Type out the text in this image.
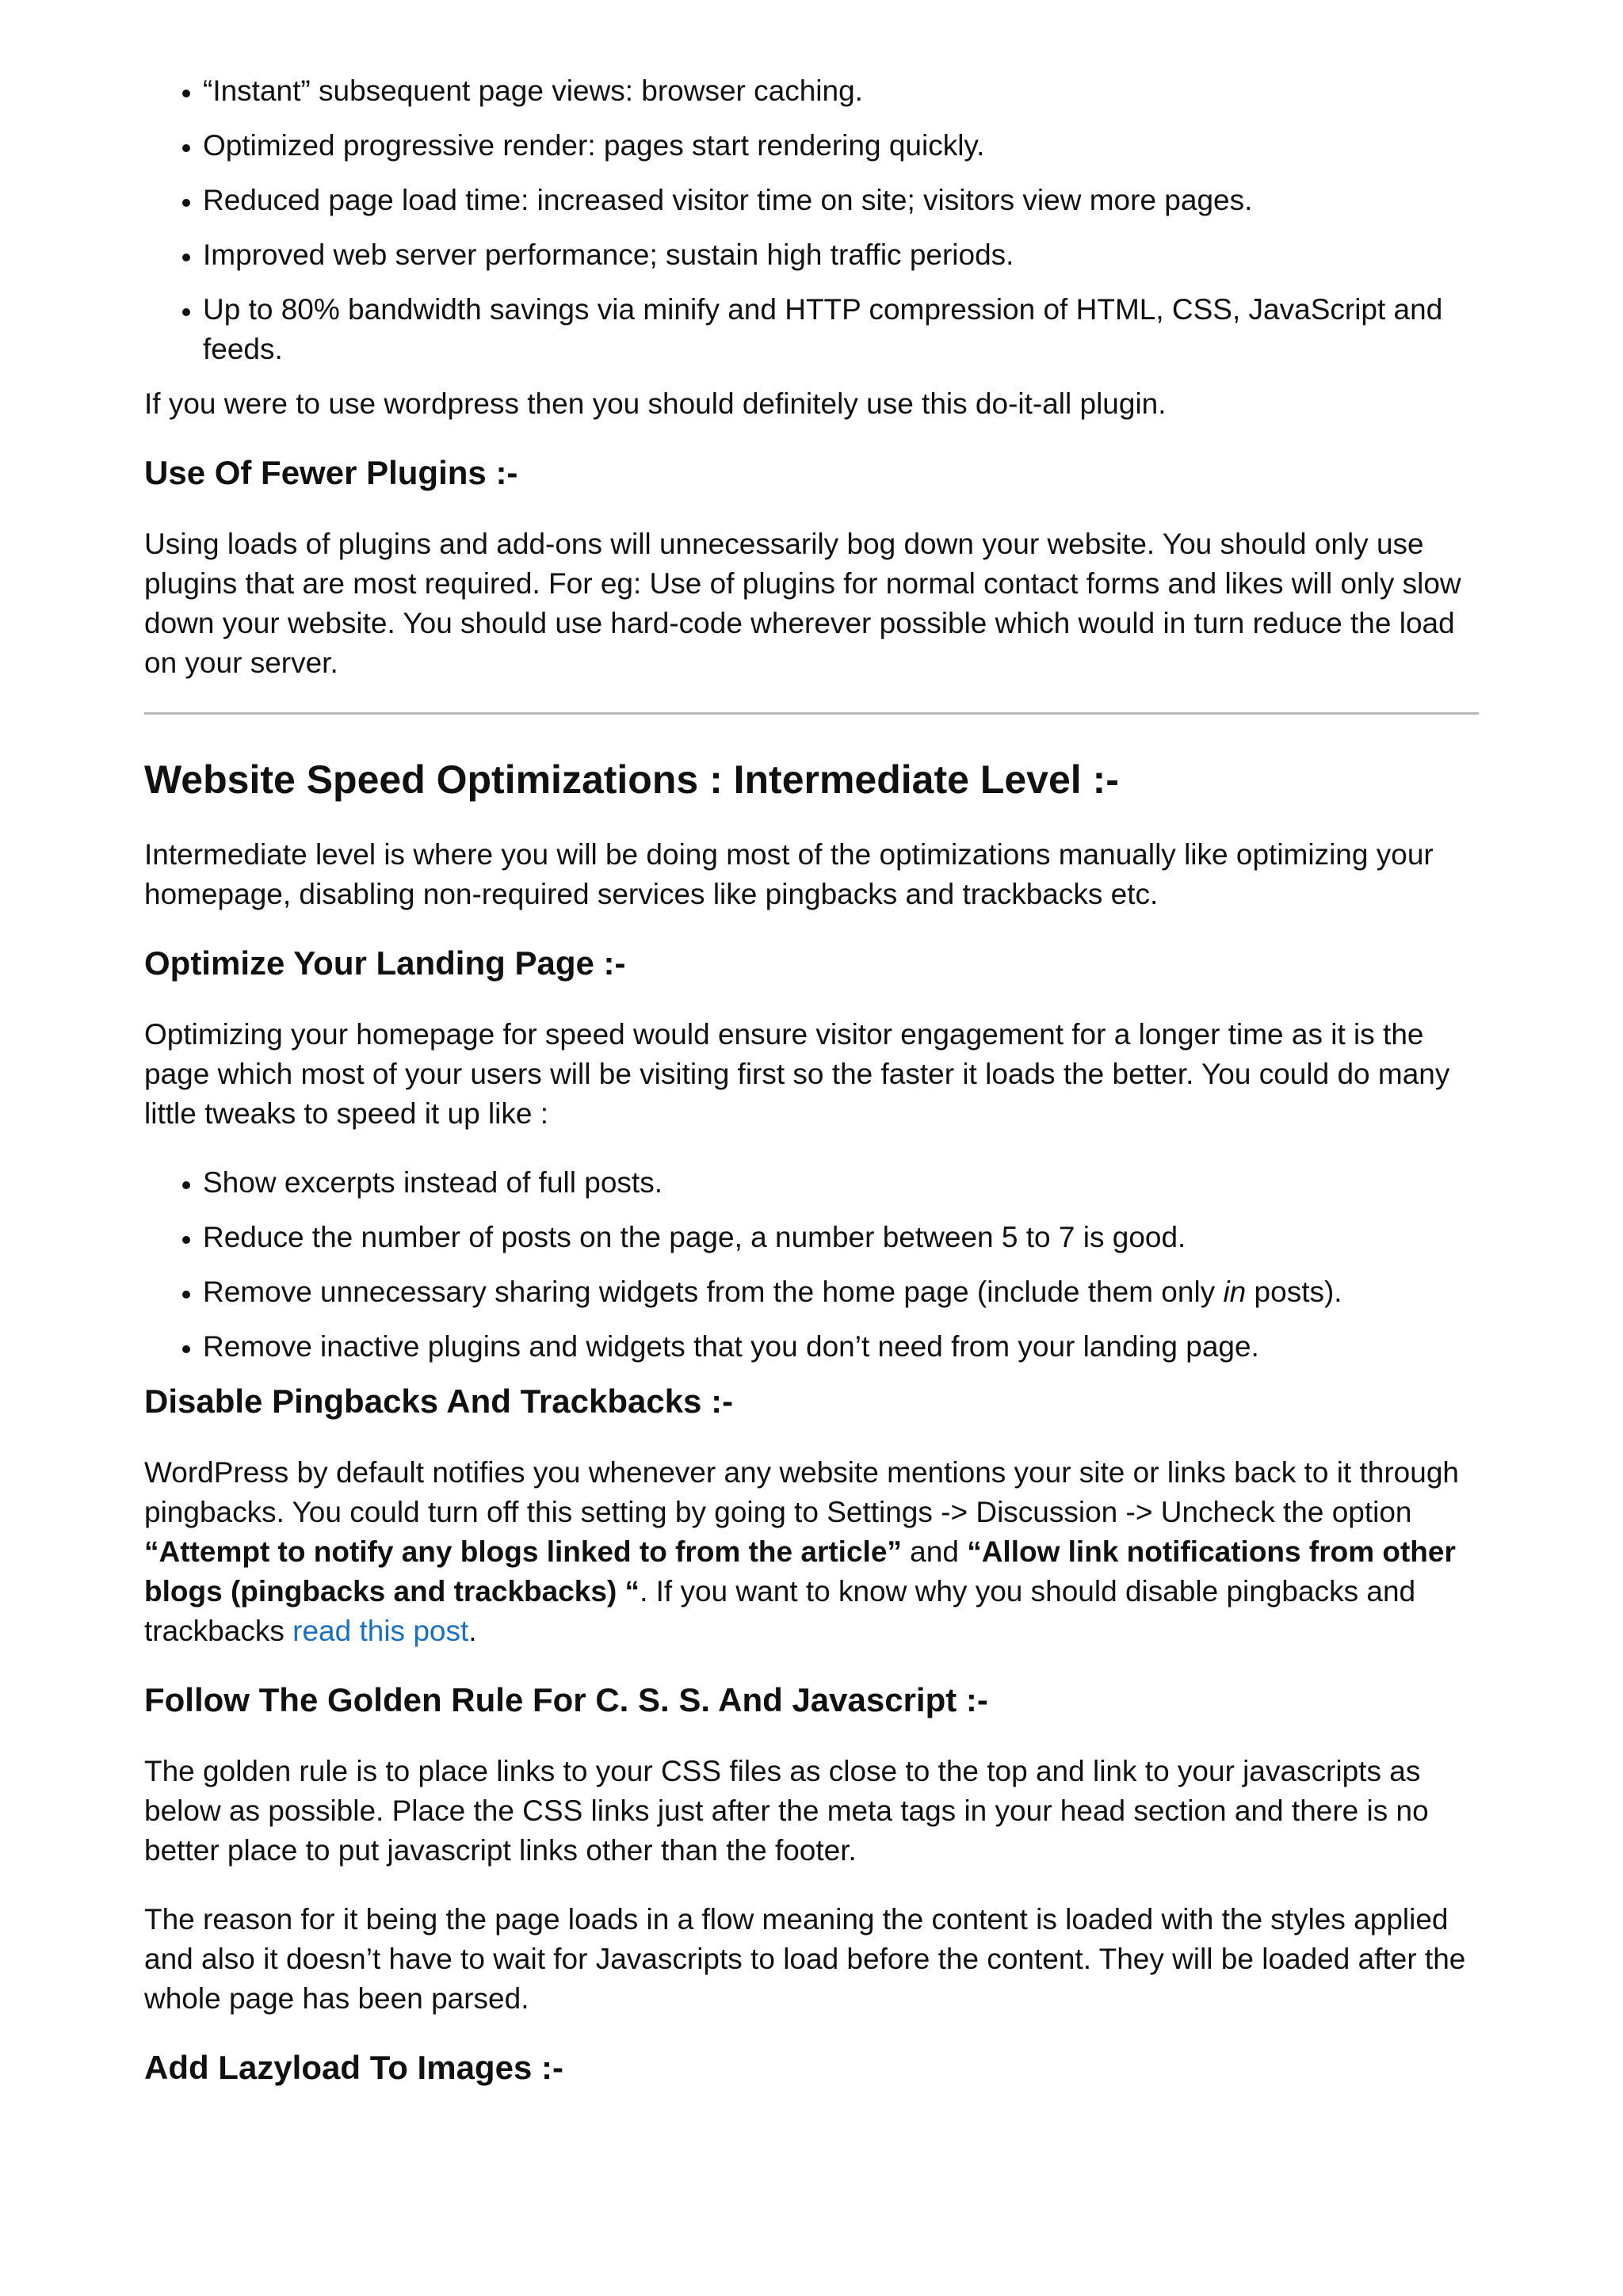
• “Instant” subsequent page views: browser caching.
• Optimized progressive render: pages start rendering quickly.
• Reduced page load time: increased visitor time on site; visitors view more pages.
• Improved web server performance; sustain high traffic periods.
• Up to 80% bandwidth savings via minify and HTTP compression of HTML, CSS, JavaScript and feeds.

If you were to use wordpress then you should definitely use this do-it-all plugin.

Use Of Fewer Plugins :-

Using loads of plugins and add-ons will unnecessarily bog down your website. You should only use plugins that are most required. For eg: Use of plugins for normal contact forms and likes will only slow down your website. You should use hard-code wherever possible which would in turn reduce the load on your server.

Website Speed Optimizations : Intermediate Level :-

Intermediate level is where you will be doing most of the optimizations manually like optimizing your homepage, disabling non-required services like pingbacks and trackbacks etc.

Optimize Your Landing Page :-

Optimizing your homepage for speed would ensure visitor engagement for a longer time as it is the page which most of your users will be visiting first so the faster it loads the better. You could do many little tweaks to speed it up like :

• Show excerpts instead of full posts.
• Reduce the number of posts on the page, a number between 5 to 7 is good.
• Remove unnecessary sharing widgets from the home page (include them only in posts).
• Remove inactive plugins and widgets that you don’t need from your landing page.
Disable Pingbacks And Trackbacks :-

WordPress by default notifies you whenever any website mentions your site or links back to it through pingbacks. You could turn off this setting by going to Settings -> Discussion -> Uncheck the option “Attempt to notify any blogs linked to from the article” and “Allow link notifications from other blogs (pingbacks and trackbacks) “. If you want to know why you should disable pingbacks and trackbacks read this post.

Follow The Golden Rule For C. S. S. And Javascript :-

The golden rule is to place links to your CSS files as close to the top and link to your javascripts as below as possible. Place the CSS links just after the meta tags in your head section and there is no better place to put javascript links other than the footer.

The reason for it being the page loads in a flow meaning the content is loaded with the styles applied and also it doesn’t have to wait for Javascripts to load before the content. They will be loaded after the whole page has been parsed.

Add Lazyload To Images :-
